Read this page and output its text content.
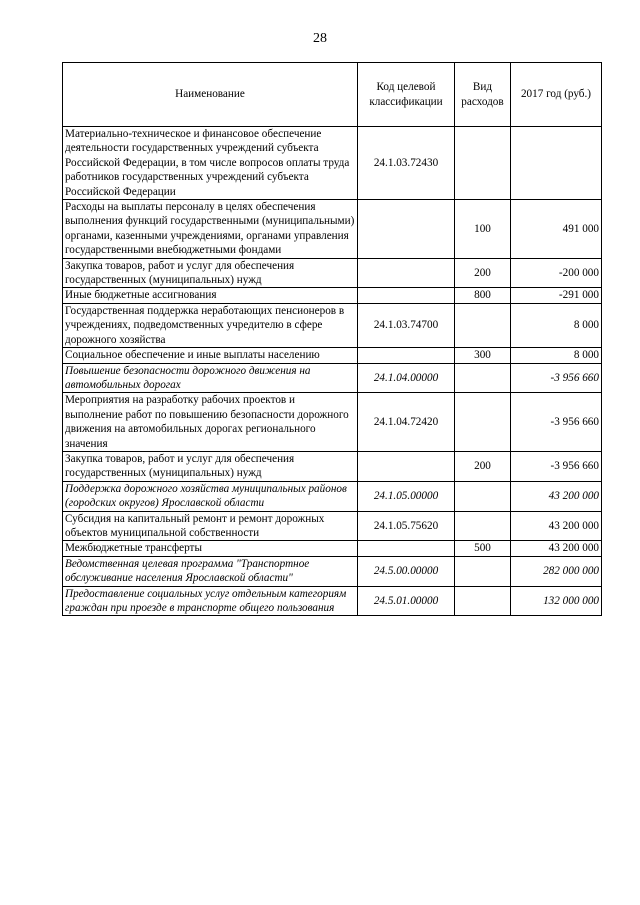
28
Наименование	Код целевой классификации	Вид расходов	2017 год (руб.)
Материально-техническое и финансовое обеспечение деятельности государственных учреждений субъекта Российской Федерации, в том числе вопросов оплаты труда работников государственных учреждений субъекта Российской Федерации	24.1.03.72430		
Расходы на выплаты персоналу в целях обеспечения выполнения функций государственными (муниципальными) органами, казенными учреждениями, органами управления государственными внебюджетными фондами		100	491 000
Закупка товаров, работ и услуг для обеспечения государственных (муниципальных) нужд		200	-200 000
Иные бюджетные ассигнования		800	-291 000
Государственная поддержка неработающих пенсионеров в учреждениях, подведомственных учредителю в сфере дорожного хозяйства	24.1.03.74700		8 000
Социальное обеспечение и иные выплаты населению		300	8 000
Повышение безопасности дорожного движения на автомобильных дорогах	24.1.04.00000		-3 956 660
Мероприятия на разработку рабочих проектов и выполнение работ по повышению безопасности дорожного движения на автомобильных дорогах регионального значения	24.1.04.72420		-3 956 660
Закупка товаров, работ и услуг для обеспечения государственных (муниципальных) нужд		200	-3 956 660
Поддержка дорожного хозяйства муниципальных районов (городских округов) Ярославской области	24.1.05.00000		43 200 000
Субсидия на капитальный ремонт и ремонт дорожных объектов муниципальной собственности	24.1.05.75620		43 200 000
Межбюджетные трансферты		500	43 200 000
Ведомственная целевая программа "Транспортное обслуживание населения Ярославской области"	24.5.00.00000		282 000 000
Предоставление социальных услуг отдельным категориям граждан при проезде в транспорте общего пользования	24.5.01.00000		132 000 000
